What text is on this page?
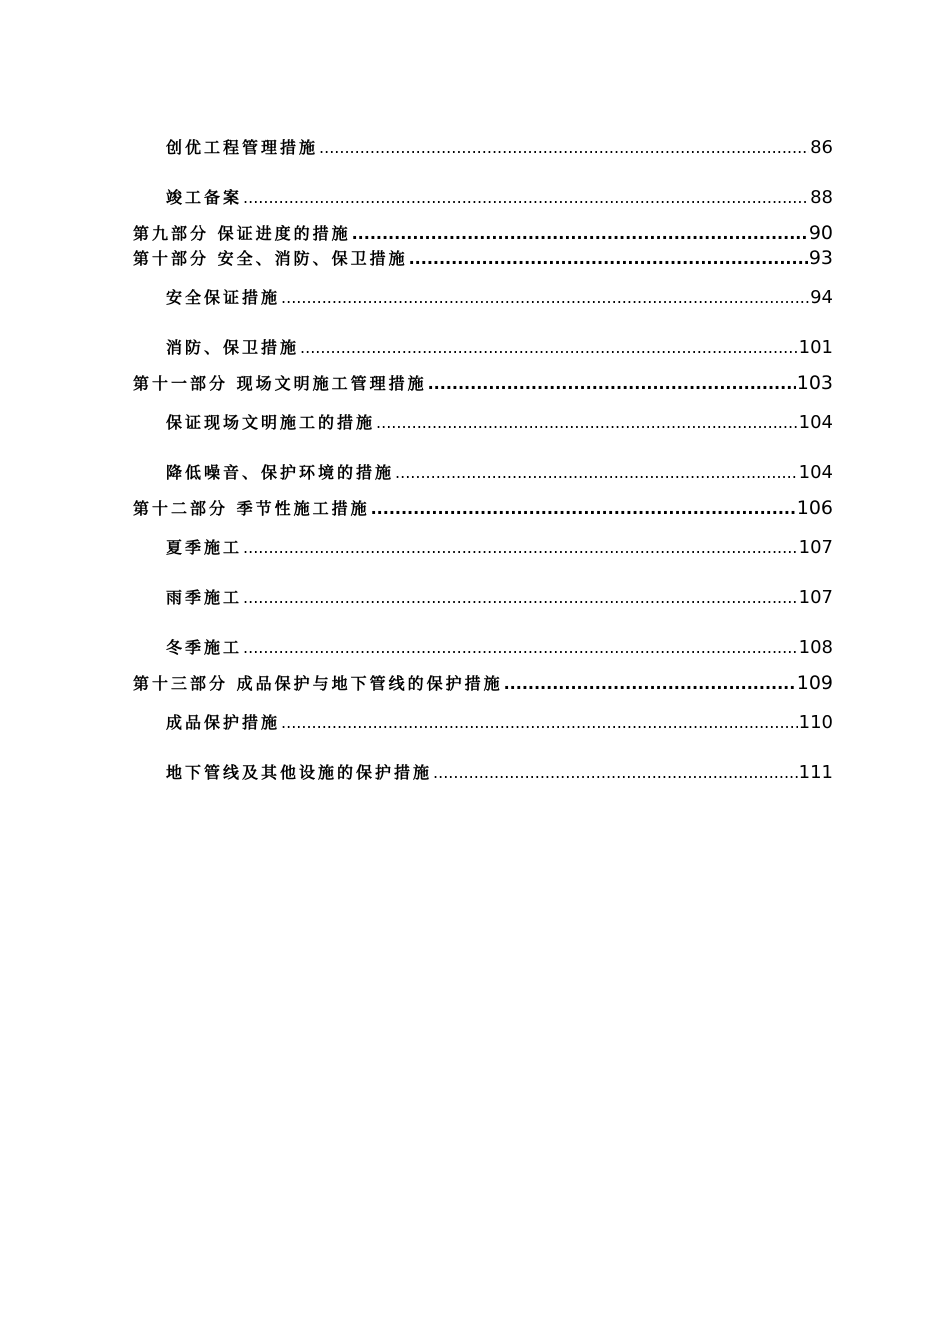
创优工程管理措施 .....	86
竣工备案 .....	88
第九部分 保证进度的措施 .....	90
第十部分 安全、消防、保卫措施 .....	93
安全保证措施 .....	94
消防、保卫措施 .....	101
第十一部分 现场文明施工管理措施 .....	103
保证现场文明施工的措施 .....	104
降低噪音、保护环境的措施 .....	104
第十二部分 季节性施工措施 .....	106
夏季施工 .....	107
雨季施工 .....	107
冬季施工 .....	108
第十三部分 成品保护与地下管线的保护措施 .....	109
成品保护措施 .....	110
地下管线及其他设施的保护措施 .....	111
